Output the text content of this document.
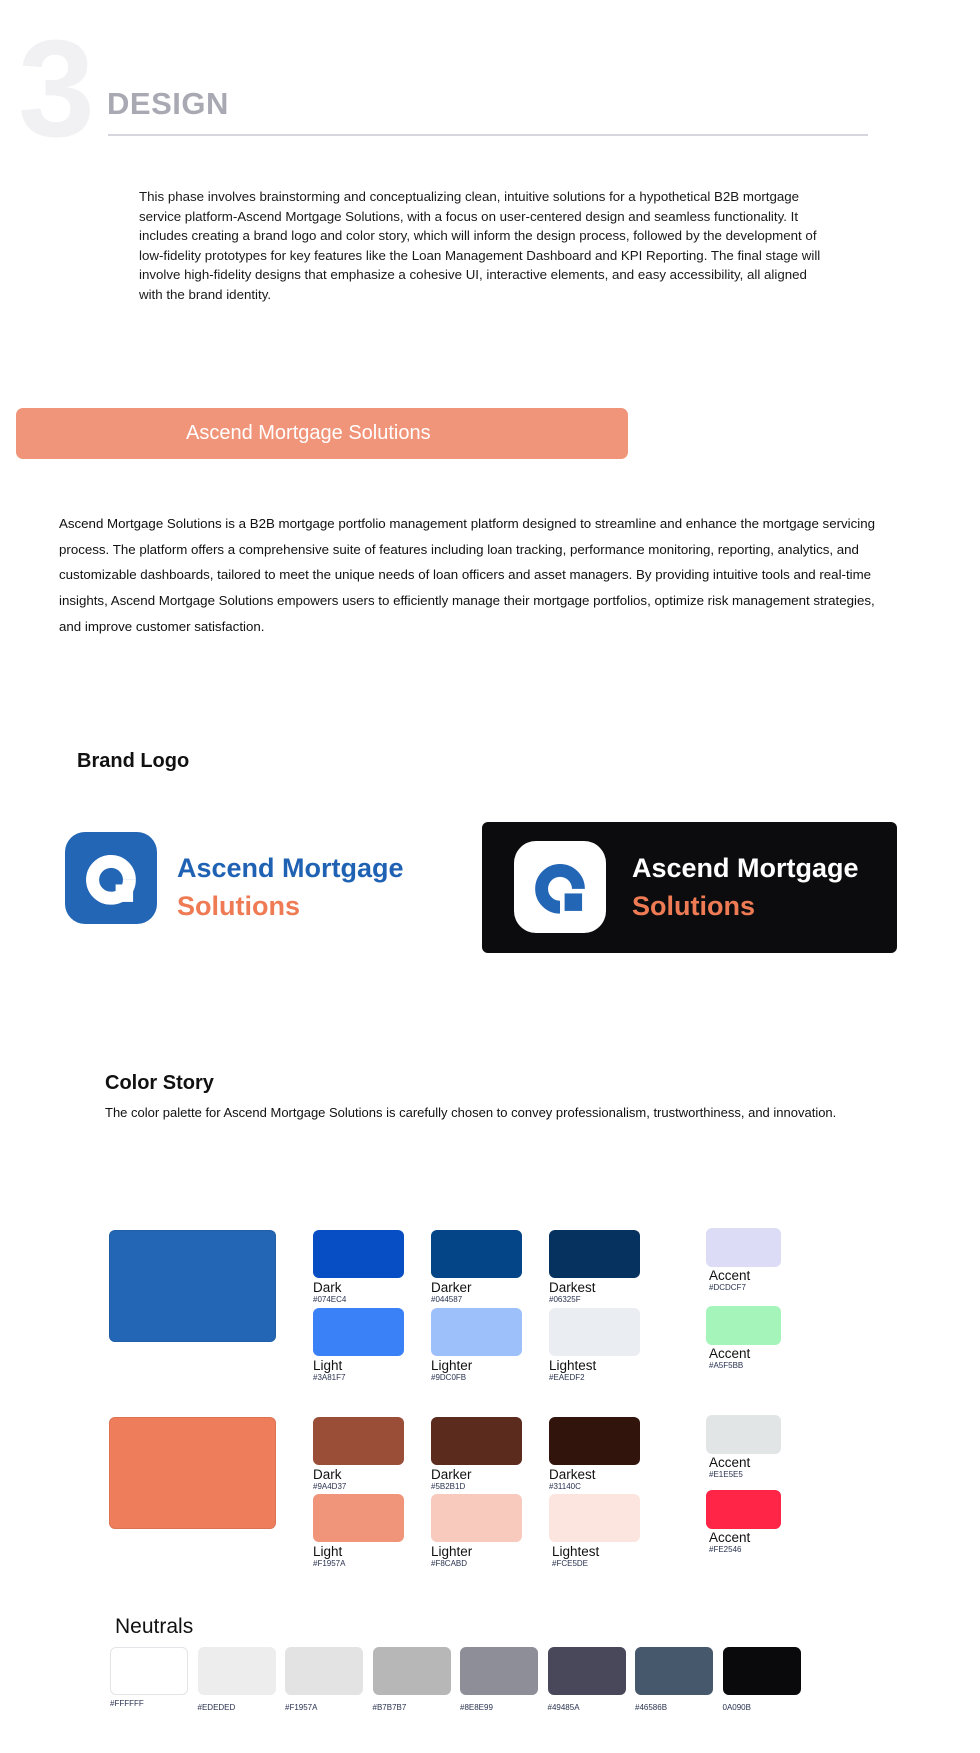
3 DESIGN

This phase involves brainstorming and conceptualizing clean, intuitive solutions for a hypothetical B2B mortgage service platform-Ascend Mortgage Solutions, with a focus on user-centered design and seamless functionality. It includes creating a brand logo and color story, which will inform the design process, followed by the development of low-fidelity prototypes for key features like the Loan Management Dashboard and KPI Reporting. The final stage will involve high-fidelity designs that emphasize a cohesive UI, interactive elements, and easy accessibility, all aligned with the brand identity.

Ascend Mortgage Solutions

Ascend Mortgage Solutions is a B2B mortgage portfolio management platform designed to streamline and enhance the mortgage servicing process. The platform offers a comprehensive suite of features including loan tracking, performance monitoring, reporting, analytics, and customizable dashboards, tailored to meet the unique needs of loan officers and asset managers. By providing intuitive tools and real-time insights, Ascend Mortgage Solutions empowers users to efficiently manage their mortgage portfolios, optimize risk management strategies, and improve customer satisfaction.

Brand Logo
Ascend Mortgage
Solutions
Ascend Mortgage
Solutions
Color Story
The color palette for Ascend Mortgage Solutions is carefully chosen to convey professionalism, trustworthiness, and innovation.
Dark
#074EC4
Darker
#044587
Darkest
#06325F
Light
#3A81F7
Lighter
#9DC0FB
Lightest
#EAEDF2
Accent
#DCDCF7
Accent
#A5F5BB
Dark
#9A4D37
Darker
#5B2B1D
Darkest
#31140C
Light
#F1957A
Lighter
#F8CABD
Lightest
#FCE5DE
Accent
#E1E5E5
Accent
#FE2546
Neutrals
#FFFFFF	#EDEDED	#F1957A	#B7B7B7	#8E8E99	#49485A	#46586B	0A090B
